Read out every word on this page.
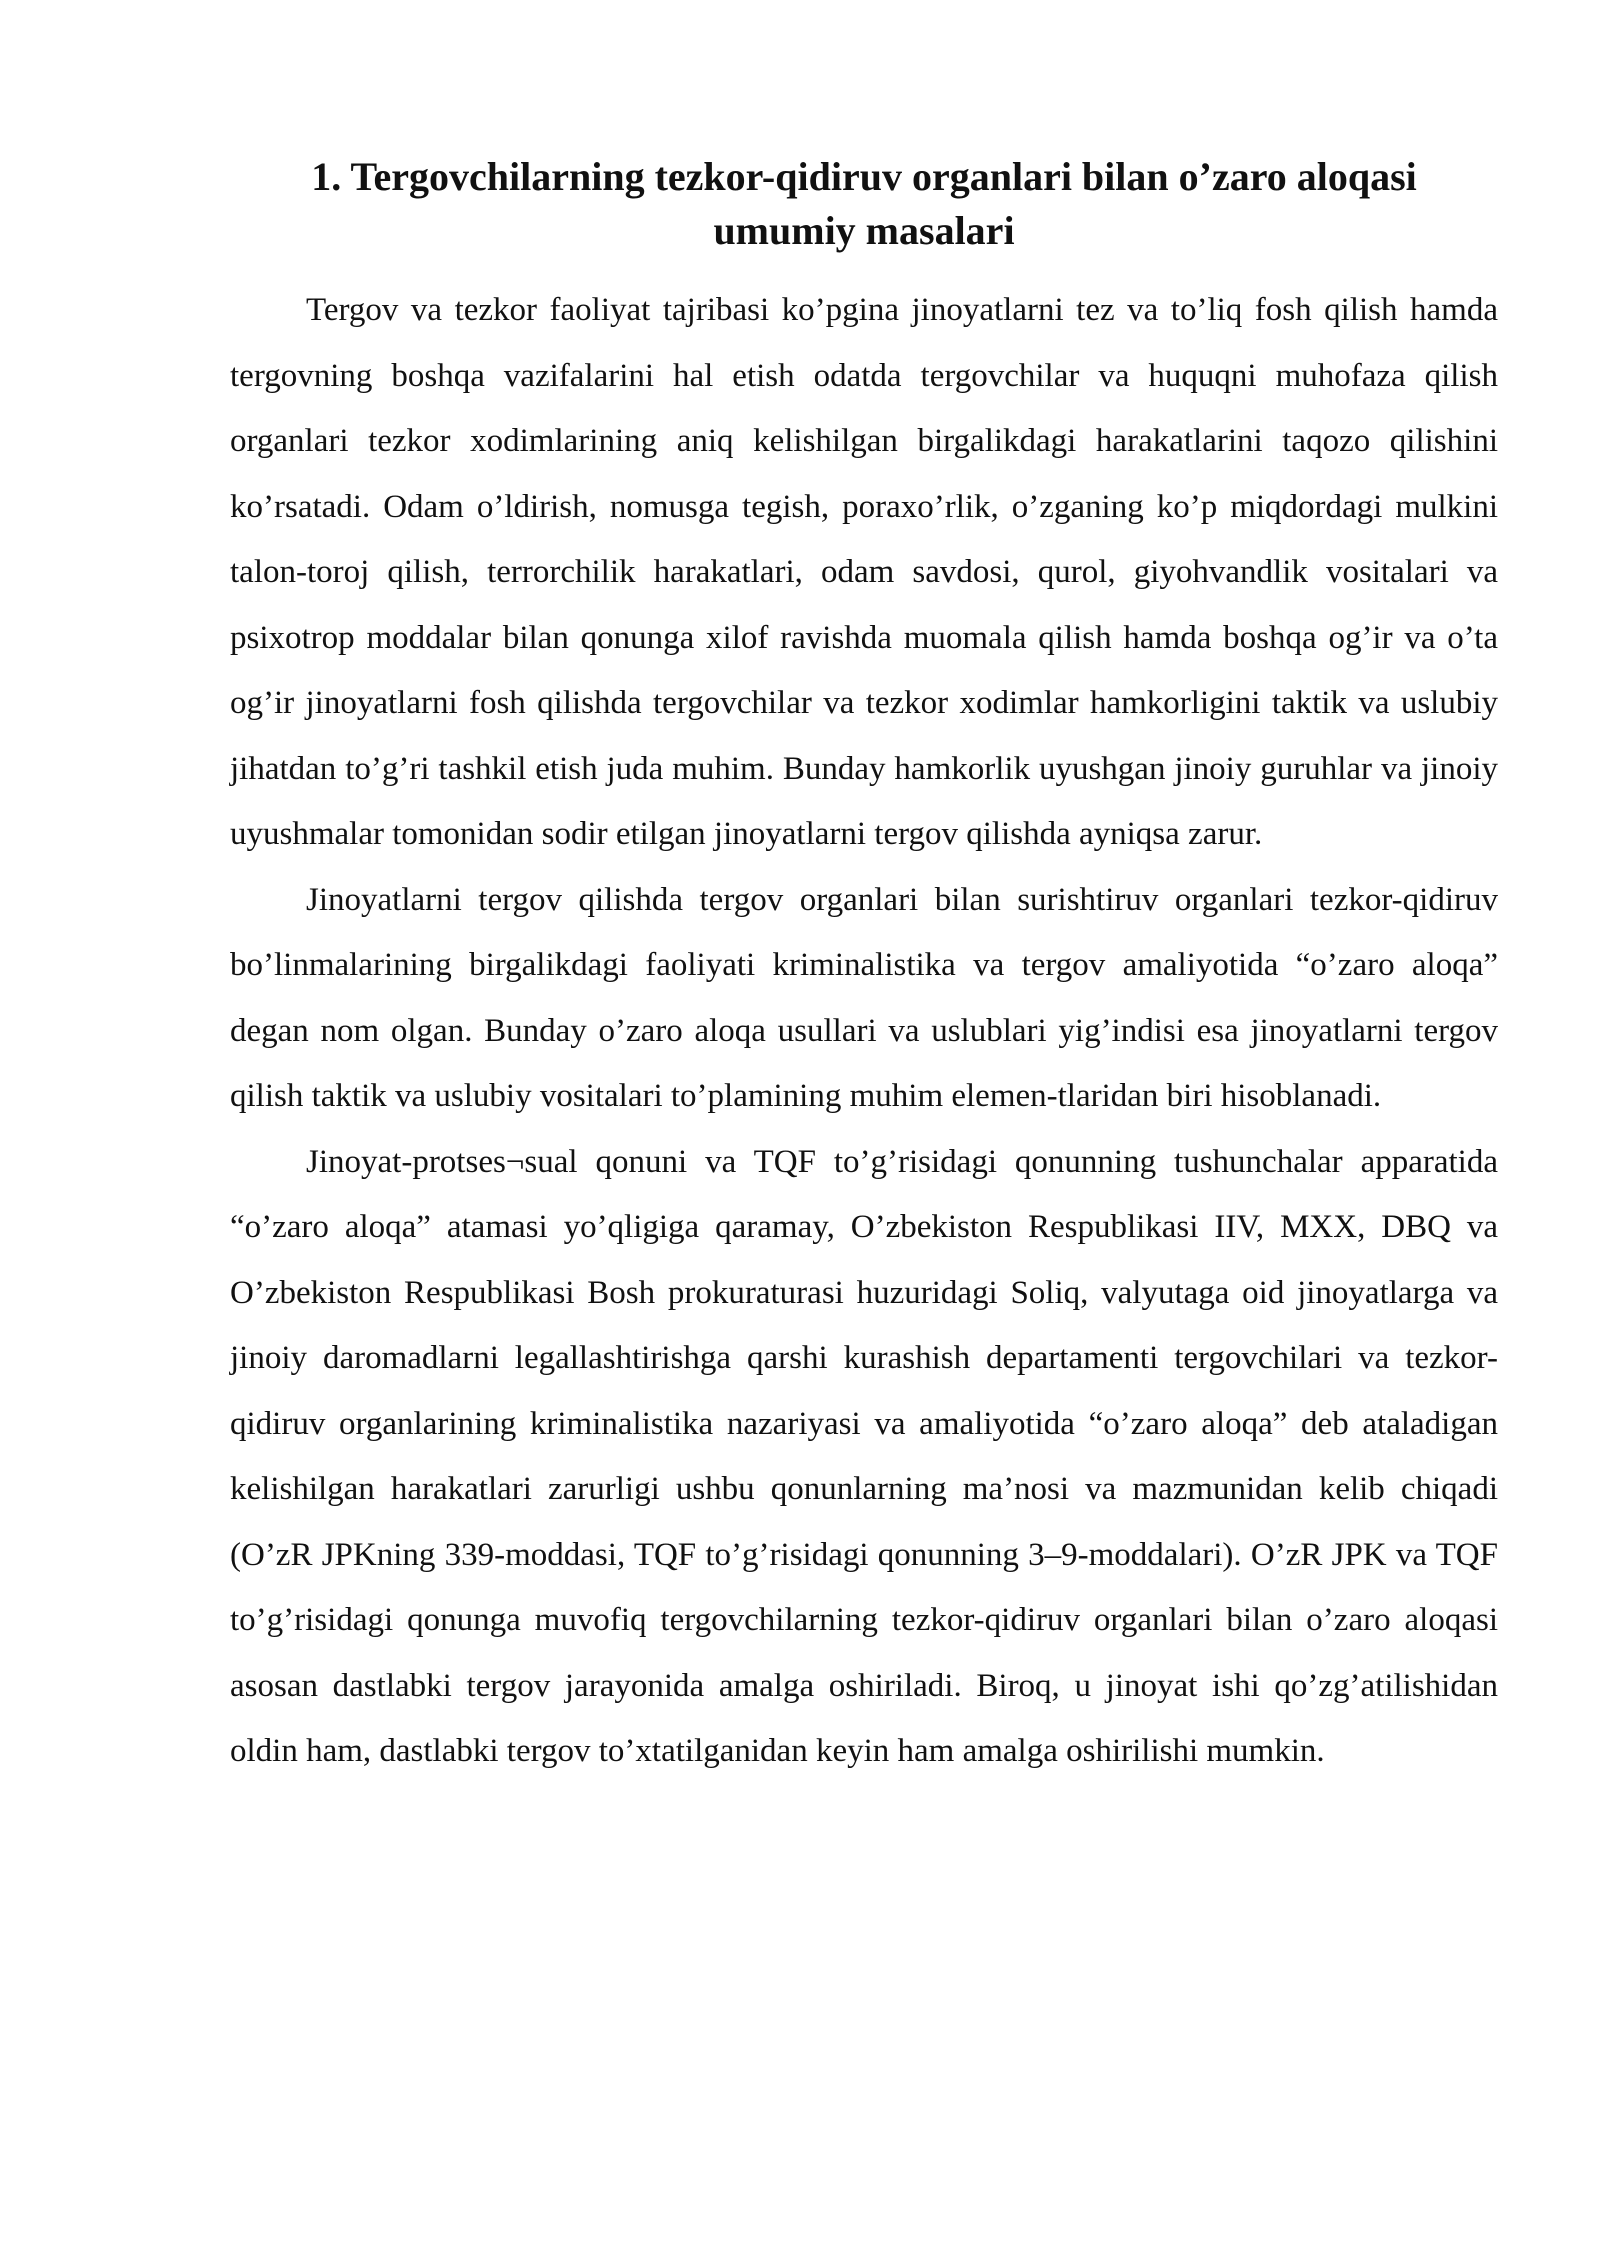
1. Tergovchilarning tezkor-qidiruv organlari bilan o’zaro aloqasi
umumiy masalari

Tergov va tezkor faoliyat tajribasi ko’pgina jinoyatlarni tez va to’liq fosh qilish hamda tergovning boshqa vazifalarini hal etish odatda tergovchilar va huquqni muhofaza qilish organlari tezkor xodimlarining aniq kelishilgan birgalikdagi harakatlarini taqozo qilishini ko’rsatadi. Odam o’ldirish, nomusga tegish, poraxo’rlik, o’zganing ko’p miqdordagi mulkini talon-toroj qilish, terrorchilik harakatlari, odam savdosi, qurol, giyohvandlik vositalari va psixotrop moddalar bilan qonunga xilof ravishda muomala qilish hamda boshqa og’ir va o’ta og’ir jinoyatlarni fosh qilishda tergovchilar va tezkor xodimlar hamkorligini taktik va uslubiy jihatdan to’g’ri tashkil etish juda muhim. Bunday hamkorlik uyushgan jinoiy guruhlar va jinoiy uyushmalar tomonidan sodir etilgan jinoyatlarni tergov qilishda ayniqsa zarur.

Jinoyatlarni tergov qilishda tergov organlari bilan surishtiruv organlari tezkor-qidiruv bo’linmalarining birgalikdagi faoliyati kriminalistika va tergov amaliyotida “o’zaro aloqa” degan nom olgan. Bunday o’zaro aloqa usullari va uslublari yig’indisi esa jinoyatlarni tergov qilish taktik va uslubiy vositalari to’plamining muhim elemen-tlaridan biri hisoblanadi.

Jinoyat-protses¬sual qonuni va TQF to’g’risidagi qonunning tushunchalar apparatida “o’zaro aloqa” atamasi yo’qligiga qaramay, O’zbekiston Respublikasi IIV, MXX, DBQ va O’zbekiston Respublikasi Bosh prokuraturasi huzuridagi Soliq, valyutaga oid jinoyatlarga va jinoiy daromadlarni legallashtirishga qarshi kurashish departamenti tergovchilari va tezkor-qidiruv organlarining kriminalistika nazariyasi va amaliyotida “o’zaro aloqa” deb ataladigan kelishilgan harakatlari zarurligi ushbu qonunlarning ma’nosi va mazmunidan kelib chiqadi (O’zR JPKning 339-moddasi, TQF to’g’risidagi qonunning 3–9-moddalari). O’zR JPK va TQF to’g’risidagi qonunga muvofiq tergovchilarning tezkor-qidiruv organlari bilan o’zaro aloqasi asosan dastlabki tergov jarayonida amalga oshiriladi. Biroq, u jinoyat ishi qo’zg’atilishidan oldin ham, dastlabki tergov to’xtatilganidan keyin ham amalga oshirilishi mumkin.
